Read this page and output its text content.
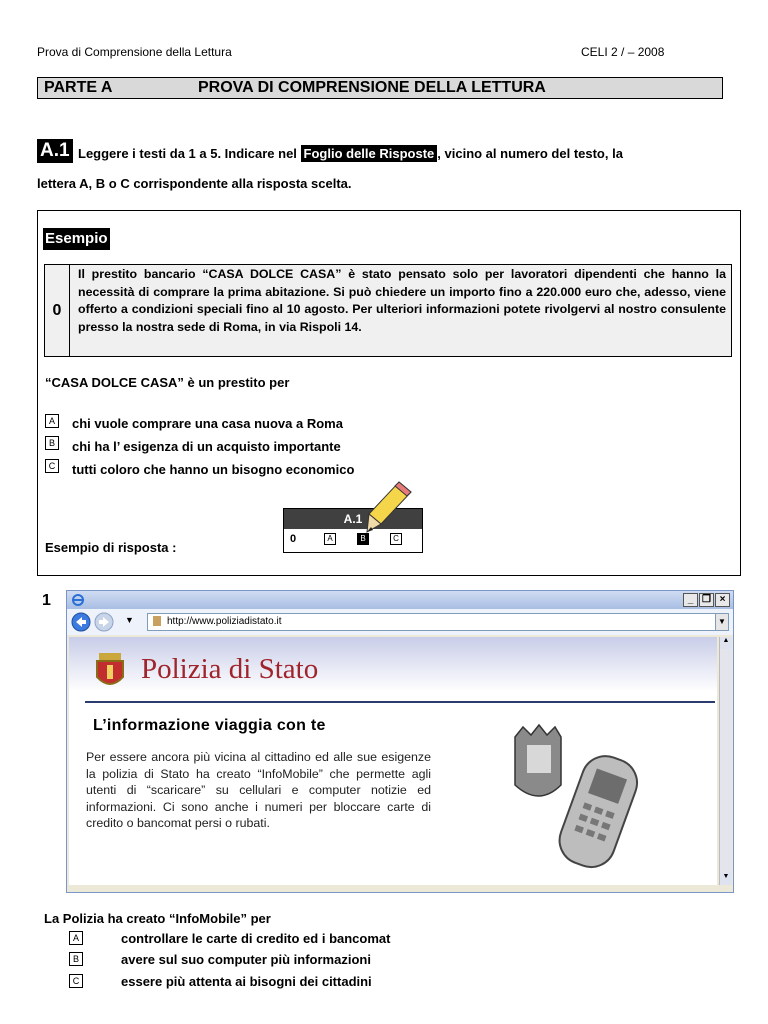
Prova di Comprensione della Lettura	CELI 2 / – 2008
PARTE A	PROVA DI COMPRENSIONE DELLA LETTURA
A.1 Leggere i testi da 1 a 5. Indicare nel Foglio delle Risposte , vicino al numero del testo, la
lettera A, B o C corrispondente alla risposta scelta.
Esempio
0
Il prestito bancario “CASA DOLCE CASA” è stato pensato solo per lavoratori dipendenti che hanno la necessità di comprare la prima abitazione. Si può chiedere un importo fino a 220.000 euro che, adesso, viene offerto a condizioni speciali fino al 10 agosto. Per ulteriori informazioni potete rivolgervi al nostro consulente presso la nostra sede di Roma, in via Rispoli 14.
“CASA DOLCE CASA” è un prestito per
A	chi vuole comprare una casa nuova a Roma
B	chi ha l’ esigenza di un acquisto importante
C tutti coloro che hanno un bisogno economico
Esempio di risposta :
A.1
0	A	B	C
1	_ ❐ ×
▼	http://www.poliziadistato.it	▼
Polizia di Stato
L’informazione viaggia con te
Per essere ancora più vicina al cittadino ed alle sue esigenze la polizia di Stato ha creato “InfoMobile” che permette agli utenti di “scaricare” su cellulari e computer notizie ed informazioni. Ci sono anche i numeri per bloccare carte di credito o bancomat persi o rubati.
▲
▼
La Polizia ha creato “InfoMobile” per
A	controllare le carte di credito ed i bancomat
B	avere sul suo computer più informazioni
C	essere più attenta ai bisogni dei cittadini
